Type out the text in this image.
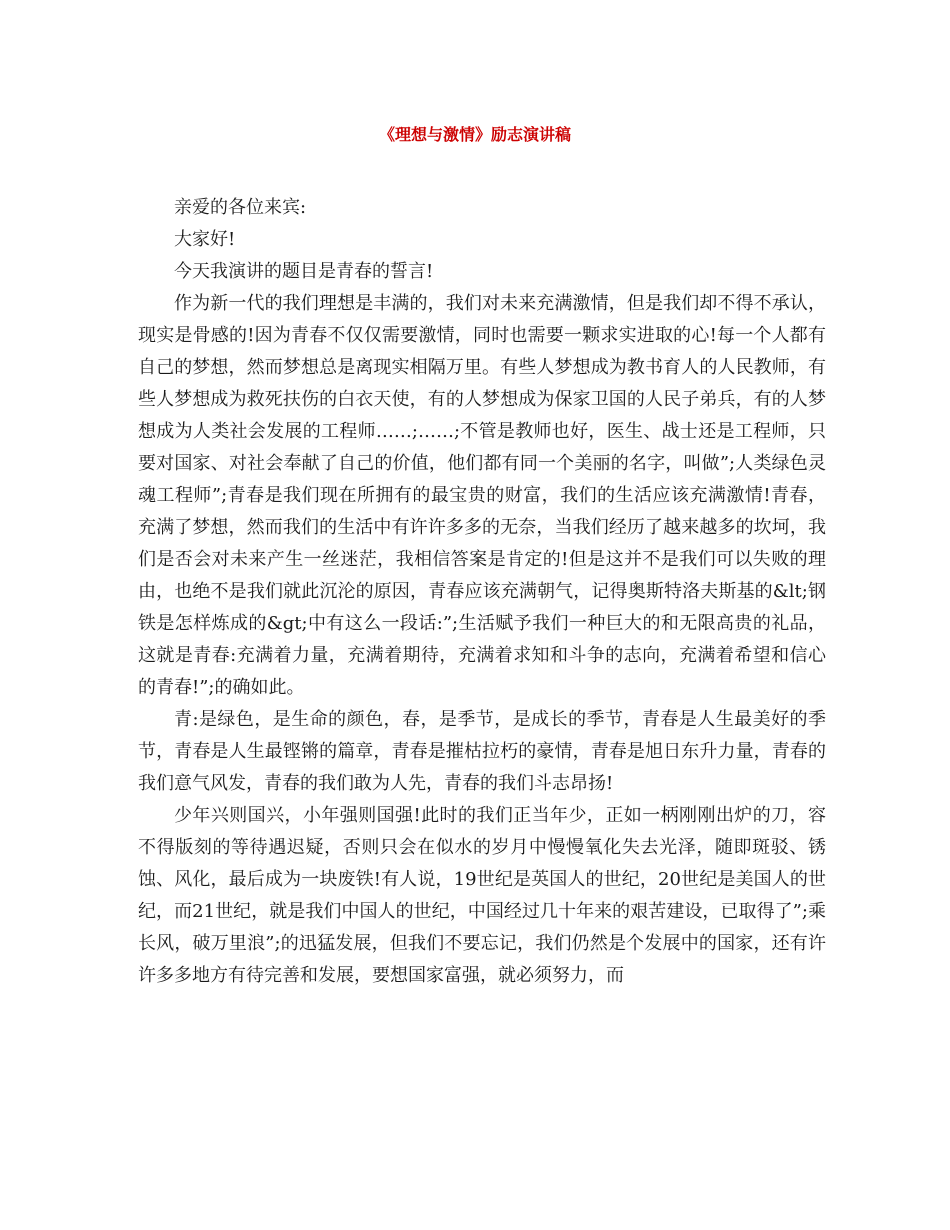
《理想与激情》励志演讲稿

亲爱的各位来宾:

大家好!

今天我演讲的题目是青春的誓言!

作为新一代的我们理想是丰满的，我们对未来充满激情，但是我们却不得不承认，现实是骨感的!因为青春不仅仅需要激情，同时也需要一颗求实进取的心!每一个人都有自己的梦想，然而梦想总是离现实相隔万里。有些人梦想成为教书育人的人民教师，有些人梦想成为救死扶伤的白衣天使，有的人梦想成为保家卫国的人民子弟兵，有的人梦想成为人类社会发展的工程师……;……;不管是教师也好，医生、战士还是工程师，只要对国家、对社会奉献了自己的价值，他们都有同一个美丽的名字，叫做”;人类绿色灵魂工程师”;青春是我们现在所拥有的最宝贵的财富，我们的生活应该充满激情!青春，充满了梦想，然而我们的生活中有许许多多的无奈，当我们经历了越来越多的坎坷，我们是否会对未来产生一丝迷茫，我相信答案是肯定的!但是这并不是我们可以失败的理由，也绝不是我们就此沉沦的原因，青春应该充满朝气，记得奥斯特洛夫斯基的&lt;钢铁是怎样炼成的&gt;中有这么一段话:”;生活赋予我们一种巨大的和无限高贵的礼品，这就是青春:充满着力量，充满着期待，充满着求知和斗争的志向，充满着希望和信心的青春!”;的确如此。

青:是绿色，是生命的颜色，春，是季节，是成长的季节，青春是人生最美好的季节，青春是人生最铿锵的篇章，青春是摧枯拉朽的豪情，青春是旭日东升力量，青春的我们意气风发，青春的我们敢为人先，青春的我们斗志昂扬!

少年兴则国兴，小年强则国强!此时的我们正当年少，正如一柄刚刚出炉的刀，容不得版刻的等待遇迟疑，否则只会在似水的岁月中慢慢氧化失去光泽，随即斑驳、锈蚀、风化，最后成为一块废铁!有人说，19世纪是英国人的世纪，20世纪是美国人的世纪，而21世纪，就是我们中国人的世纪，中国经过几十年来的艰苦建设，已取得了”;乘长风，破万里浪”;的迅猛发展，但我们不要忘记，我们仍然是个发展中的国家，还有许许多多地方有待完善和发展，要想国家富强，就必须努力，而
